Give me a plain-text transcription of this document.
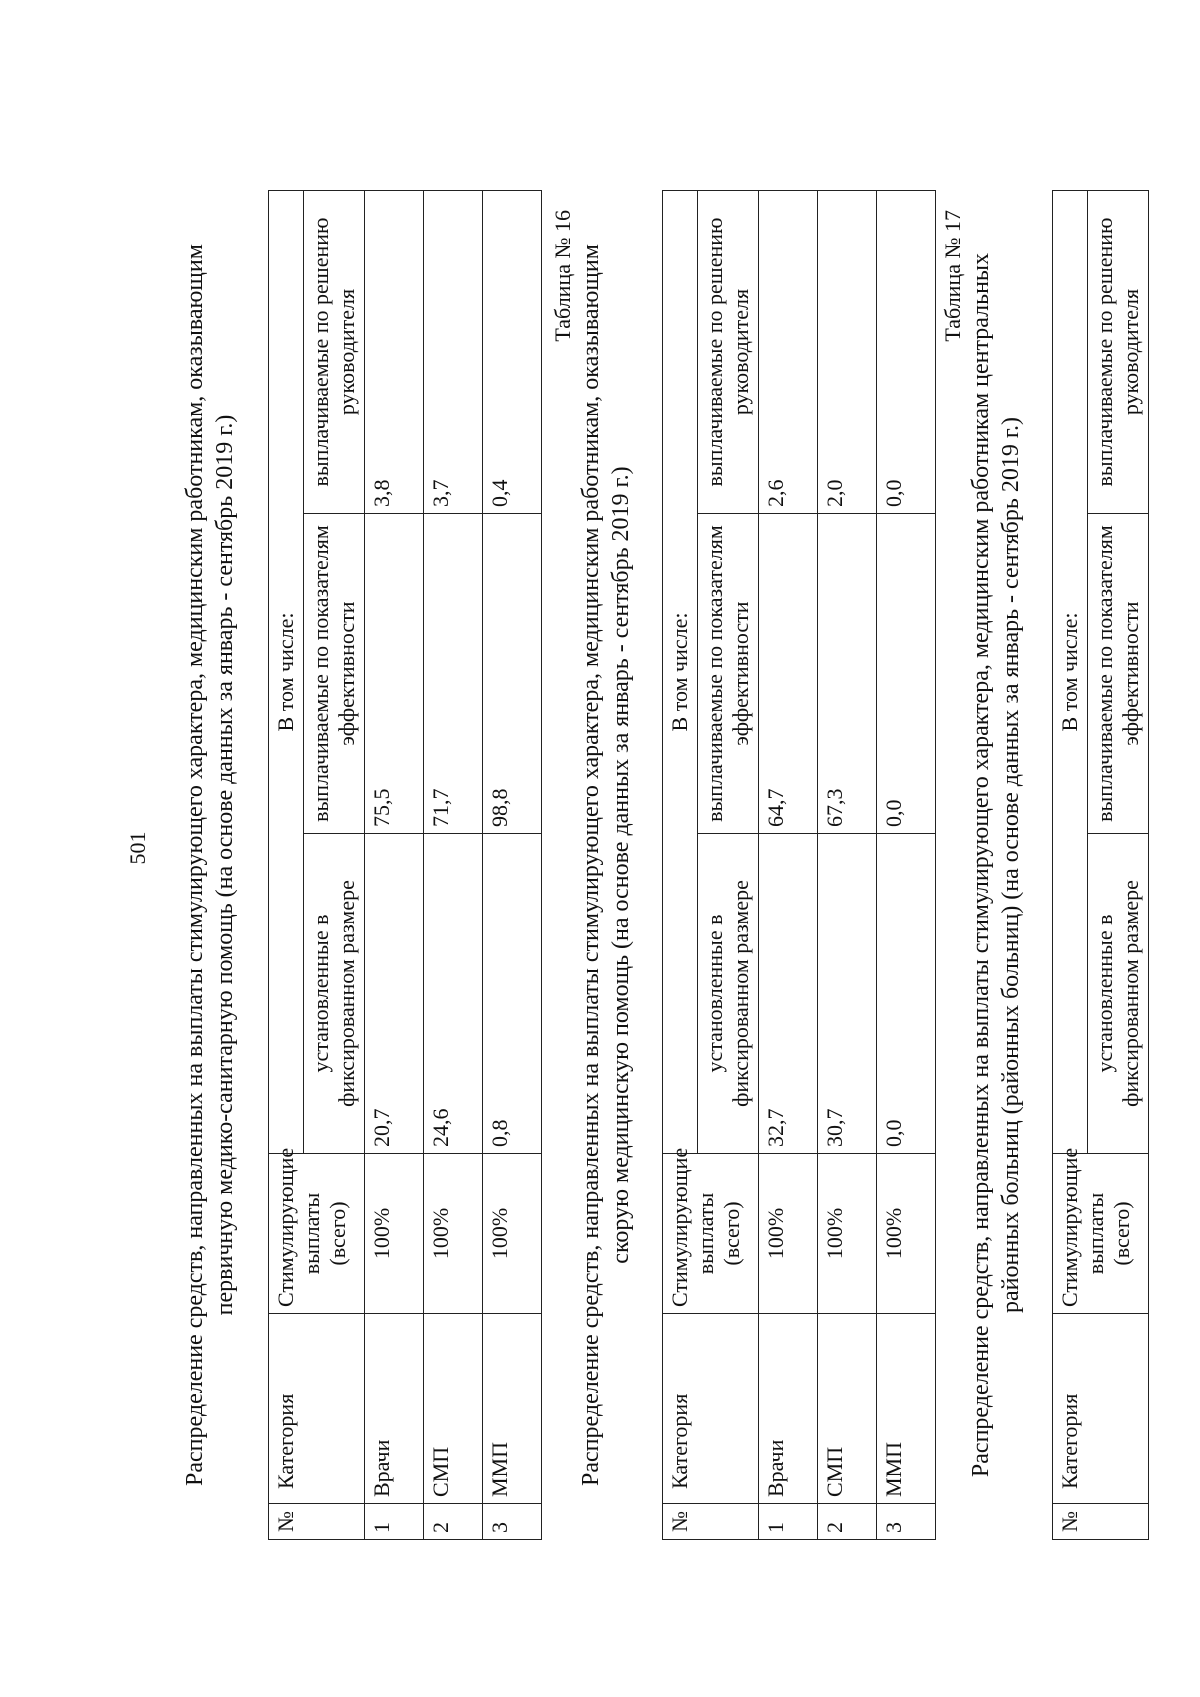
501 Распределение средств, направленных на выплаты стимулирующего характера, медицинским работникам, оказывающим первичную медико-санитарную помощь (на основе данных за январь - сентябрь 2019 г.)
№	Категория	Стимулирующие выплаты (всего)	В том числе:		
			установленные в фиксированном размере	выплачиваемые по показателям эффективности	выплачиваемые по решению руководителя
1	Врачи	100%	20,7	75,5	3,8
2	СМП	100%	24,6	71,7	3,7
3	ММП	100%	0,8	98,8	0,4
Таблица № 16 Распределение средств, направленных на выплаты стимулирующего характера, медицинским работникам, оказывающим скорую медицинскую помощь (на основе данных за январь - сентябрь 2019 г.)
№	Категория	Стимулирующие выплаты (всего)	В том числе:		
			установленные в фиксированном размере	выплачиваемые по показателям эффективности	выплачиваемые по решению руководителя
1	Врачи	100%	32,7	64,7	2,6
2	СМП	100%	30,7	67,3	2,0
3	ММП	100%	0,0	0,0	0,0
Таблица № 17 Распределение средств, направленных на выплаты стимулирующего характера, медицинским работникам центральных районных больниц (районных больниц) (на основе данных за январь - сентябрь 2019 г.)
№	Категория	Стимулирующие выплаты (всего)	В том числе:		
			установленные в фиксированном размере	выплачиваемые по показателям эффективности	выплачиваемые по решению руководителя
